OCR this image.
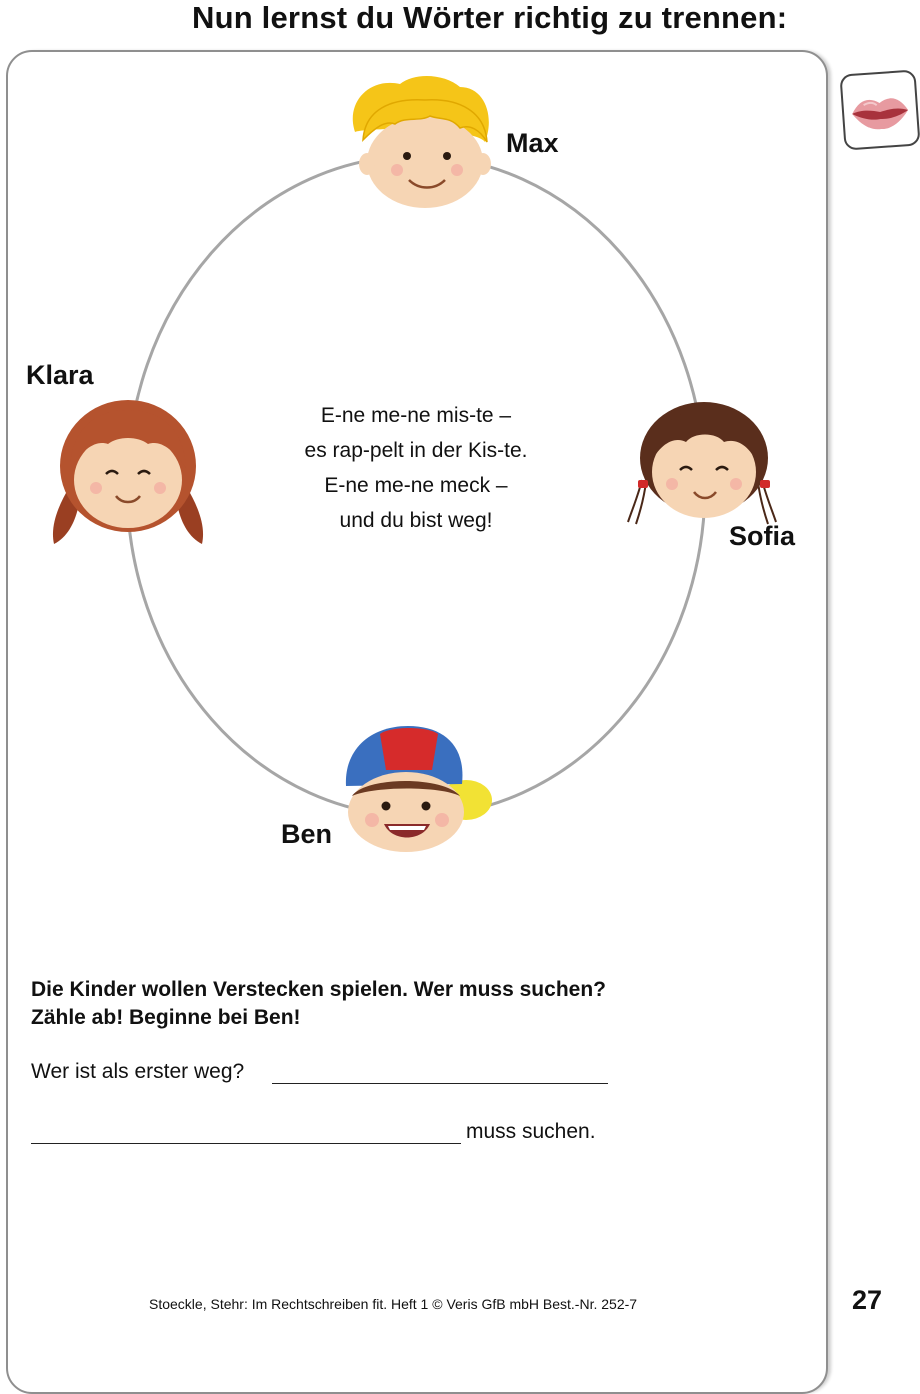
Nun lernst du Wörter richtig zu trennen:
Max
Klara
Sofia
Ben
E-ne me-ne mis-te –
es rap-pelt in der Kis-te.
E-ne me-ne meck –
und du bist weg!
Die Kinder wollen Verstecken spielen. Wer muss suchen?
Zähle ab! Beginne bei Ben!
Wer ist als erster weg?
muss suchen.
Stoeckle, Stehr: Im Rechtschreiben fit. Heft 1 © Veris GfB mbH Best.-Nr. 252-7	27
